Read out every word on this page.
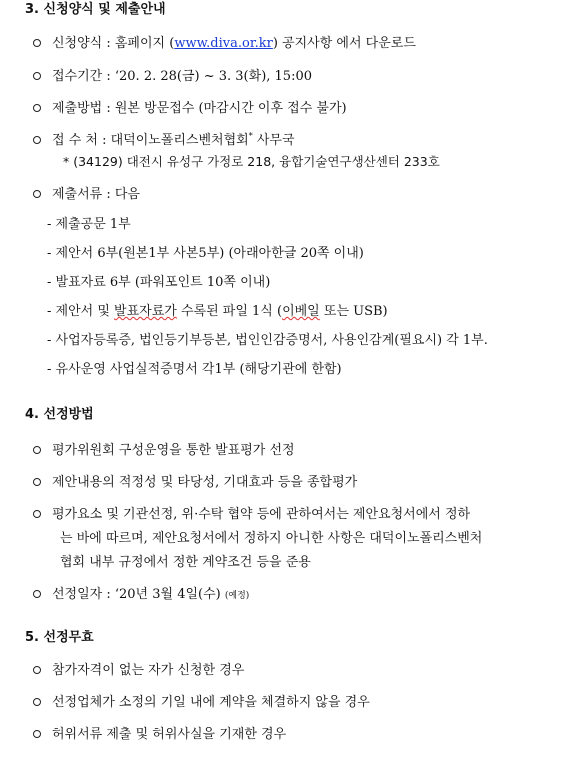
3. 신청양식 및 제출안내
신청양식 : 홈페이지 (www.diva.or.kr) 공지사항 에서 다운로드
접수기간 : ‘20. 2. 28(금) ~ 3. 3(화), 15:00
제출방법 : 원본 방문접수 (마감시간 이후 접수 불가)
접 수 처 : 대덕이노폴리스벤처협회* 사무국
* (34129) 대전시 유성구 가정로 218, 융합기술연구생산센터 233호
제출서류 : 다음
- 제출공문 1부
- 제안서 6부(원본1부 사본5부) (아래아한글 20쪽 이내)
- 발표자료 6부 (파워포인트 10쪽 이내)
- 제안서 및 발표자료가 수록된 파일 1식 (이베일 또는 USB)
- 사업자등록증, 법인등기부등본, 법인인감증명서, 사용인감계(필요시) 각 1부.
- 유사운영 사업실적증명서 각1부 (해당기관에 한함)
4. 선정방법
평가위원회 구성운영을 통한 발표평가 선정
제안내용의 적정성 및 타당성, 기대효과 등을 종합평가
평가요소 및 기관선정, 위·수탁 협약 등에 관하여서는 제안요청서에서 정하
는 바에 따르며, 제안요청서에서 정하지 아니한 사항은 대덕이노폴리스벤처
협회 내부 규정에서 정한 계약조건 등을 준용
선정일자 : ‘20년 3월 4일(수) (예정)
5. 선정무효
참가자격이 없는 자가 신청한 경우
선정업체가 소정의 기일 내에 계약을 체결하지 않을 경우
허위서류 제출 및 허위사실을 기재한 경우
